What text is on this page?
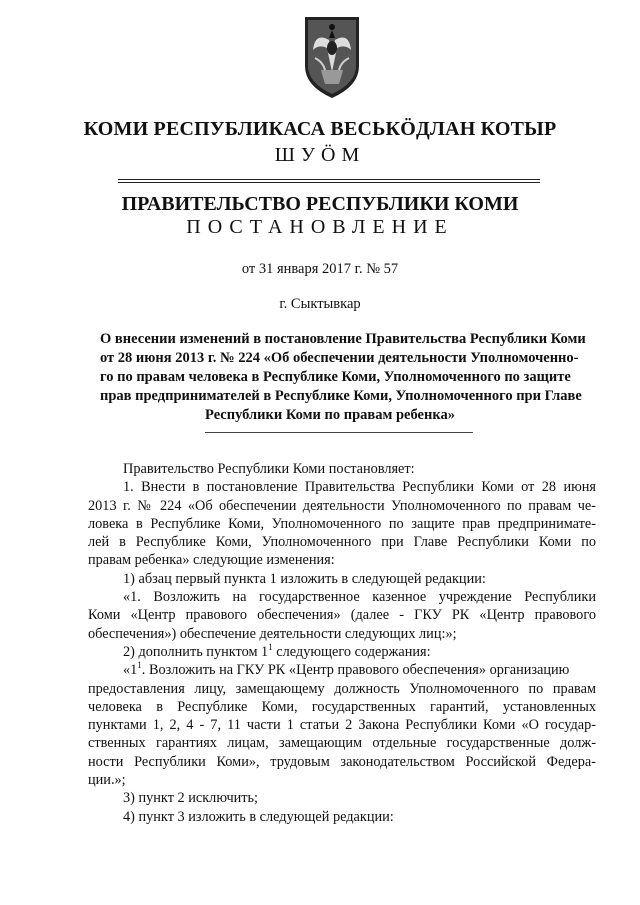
КОМИ РЕСПУБЛИКАСА ВЕСЬКӦДЛАН КОТЫР
ШУӦМ
ПРАВИТЕЛЬСТВО РЕСПУБЛИКИ КОМИ
ПОСТАНОВЛЕНИЕ
от 31 января 2017 г. № 57
г. Сыктывкар
О внесении изменений в постановление Правительства Республики Коми
от 28 июня 2013 г. № 224 «Об обеспечении деятельности Уполномоченно-
го по правам человека в Республике Коми, Уполномоченного по защите
прав предпринимателей в Республике Коми, Уполномоченного при Главе
Республики Коми по правам ребенка»
Правительство Республики Коми постановляет:
1. Внести в постановление Правительства Республики Коми от 28 июня
2013 г. № 224 «Об обеспечении деятельности Уполномоченного по правам че-
ловека в Республике Коми, Уполномоченного по защите прав предпринимате-
лей в Республике Коми, Уполномоченного при Главе Республики Коми по
правам ребенка» следующие изменения:
1) абзац первый пункта 1 изложить в следующей редакции:
«1. Возложить на государственное казенное учреждение Республики
Коми «Центр правового обеспечения» (далее - ГКУ РК «Центр правового
обеспечения») обеспечение деятельности следующих лиц:»;
2) дополнить пунктом $1^1$ следующего содержания:
«$1^1$. Возложить на ГКУ РК «Центр правового обеспечения» организацию
предоставления лицу, замещающему должность Уполномоченного по правам
человека в Республике Коми, государственных гарантий, установленных
пунктами 1, 2, 4 - 7, 11 части 1 статьи 2 Закона Республики Коми «О государ-
ственных гарантиях лицам, замещающим отдельные государственные долж-
ности Республики Коми», трудовым законодательством Российской Федера-
ции.»;
3) пункт 2 исключить;
4) пункт 3 изложить в следующей редакции:
